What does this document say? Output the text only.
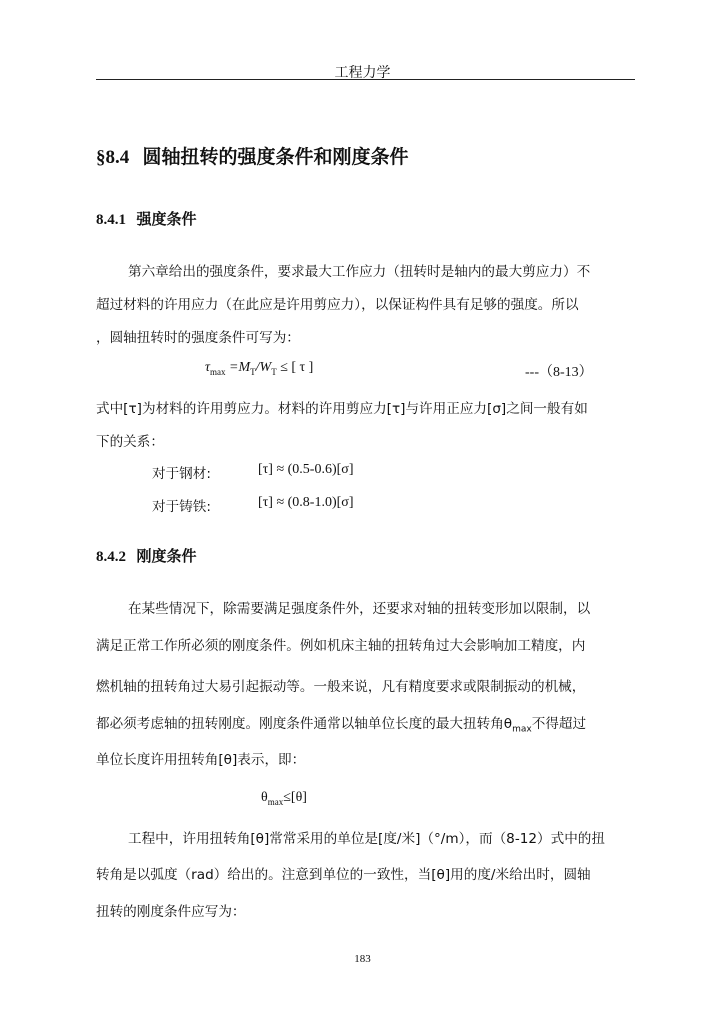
工程力学
§8.4 圆轴扭转的强度条件和刚度条件
8.4.1 强度条件
第六章给出的强度条件，要求最大工作应力（扭转时是轴内的最大剪应力）不
超过材料的许用应力（在此应是许用剪应力），以保证构件具有足够的强度。所以
，圆轴扭转时的强度条件可写为：
$\tau_{max} =M_T/W_T$ ≤ [ τ ]	---（8-13）
式中[τ]为材料的许用剪应力。材料的许用剪应力[τ]与许用正应力[σ]之间一般有如
下的关系：
对于钢材:	[τ] ≈ (0.5-0.6)[σ]
对于铸铁:	[τ] ≈ (0.8-1.0)[σ]
8.4.2 刚度条件
在某些情况下，除需要满足强度条件外，还要求对轴的扭转变形加以限制，以
满足正常工作所必须的刚度条件。例如机床主轴的扭转角过大会影响加工精度，内
燃机轴的扭转角过大易引起振动等。一般来说，凡有精度要求或限制振动的机械，
都必须考虑轴的扭转刚度。刚度条件通常以轴单位长度的最大扭转角$\theta_{max}$不得超过
单位长度许用扭转角[θ]表示，即：
$\theta_{max}\le[\theta]$
工程中，许用扭转角[θ]常常采用的单位是[度/米]（°/m），而（8-12）式中的扭
转角是以弧度（rad）给出的。注意到单位的一致性，当[θ]用的度/米给出时，圆轴
扭转的刚度条件应写为：
183
